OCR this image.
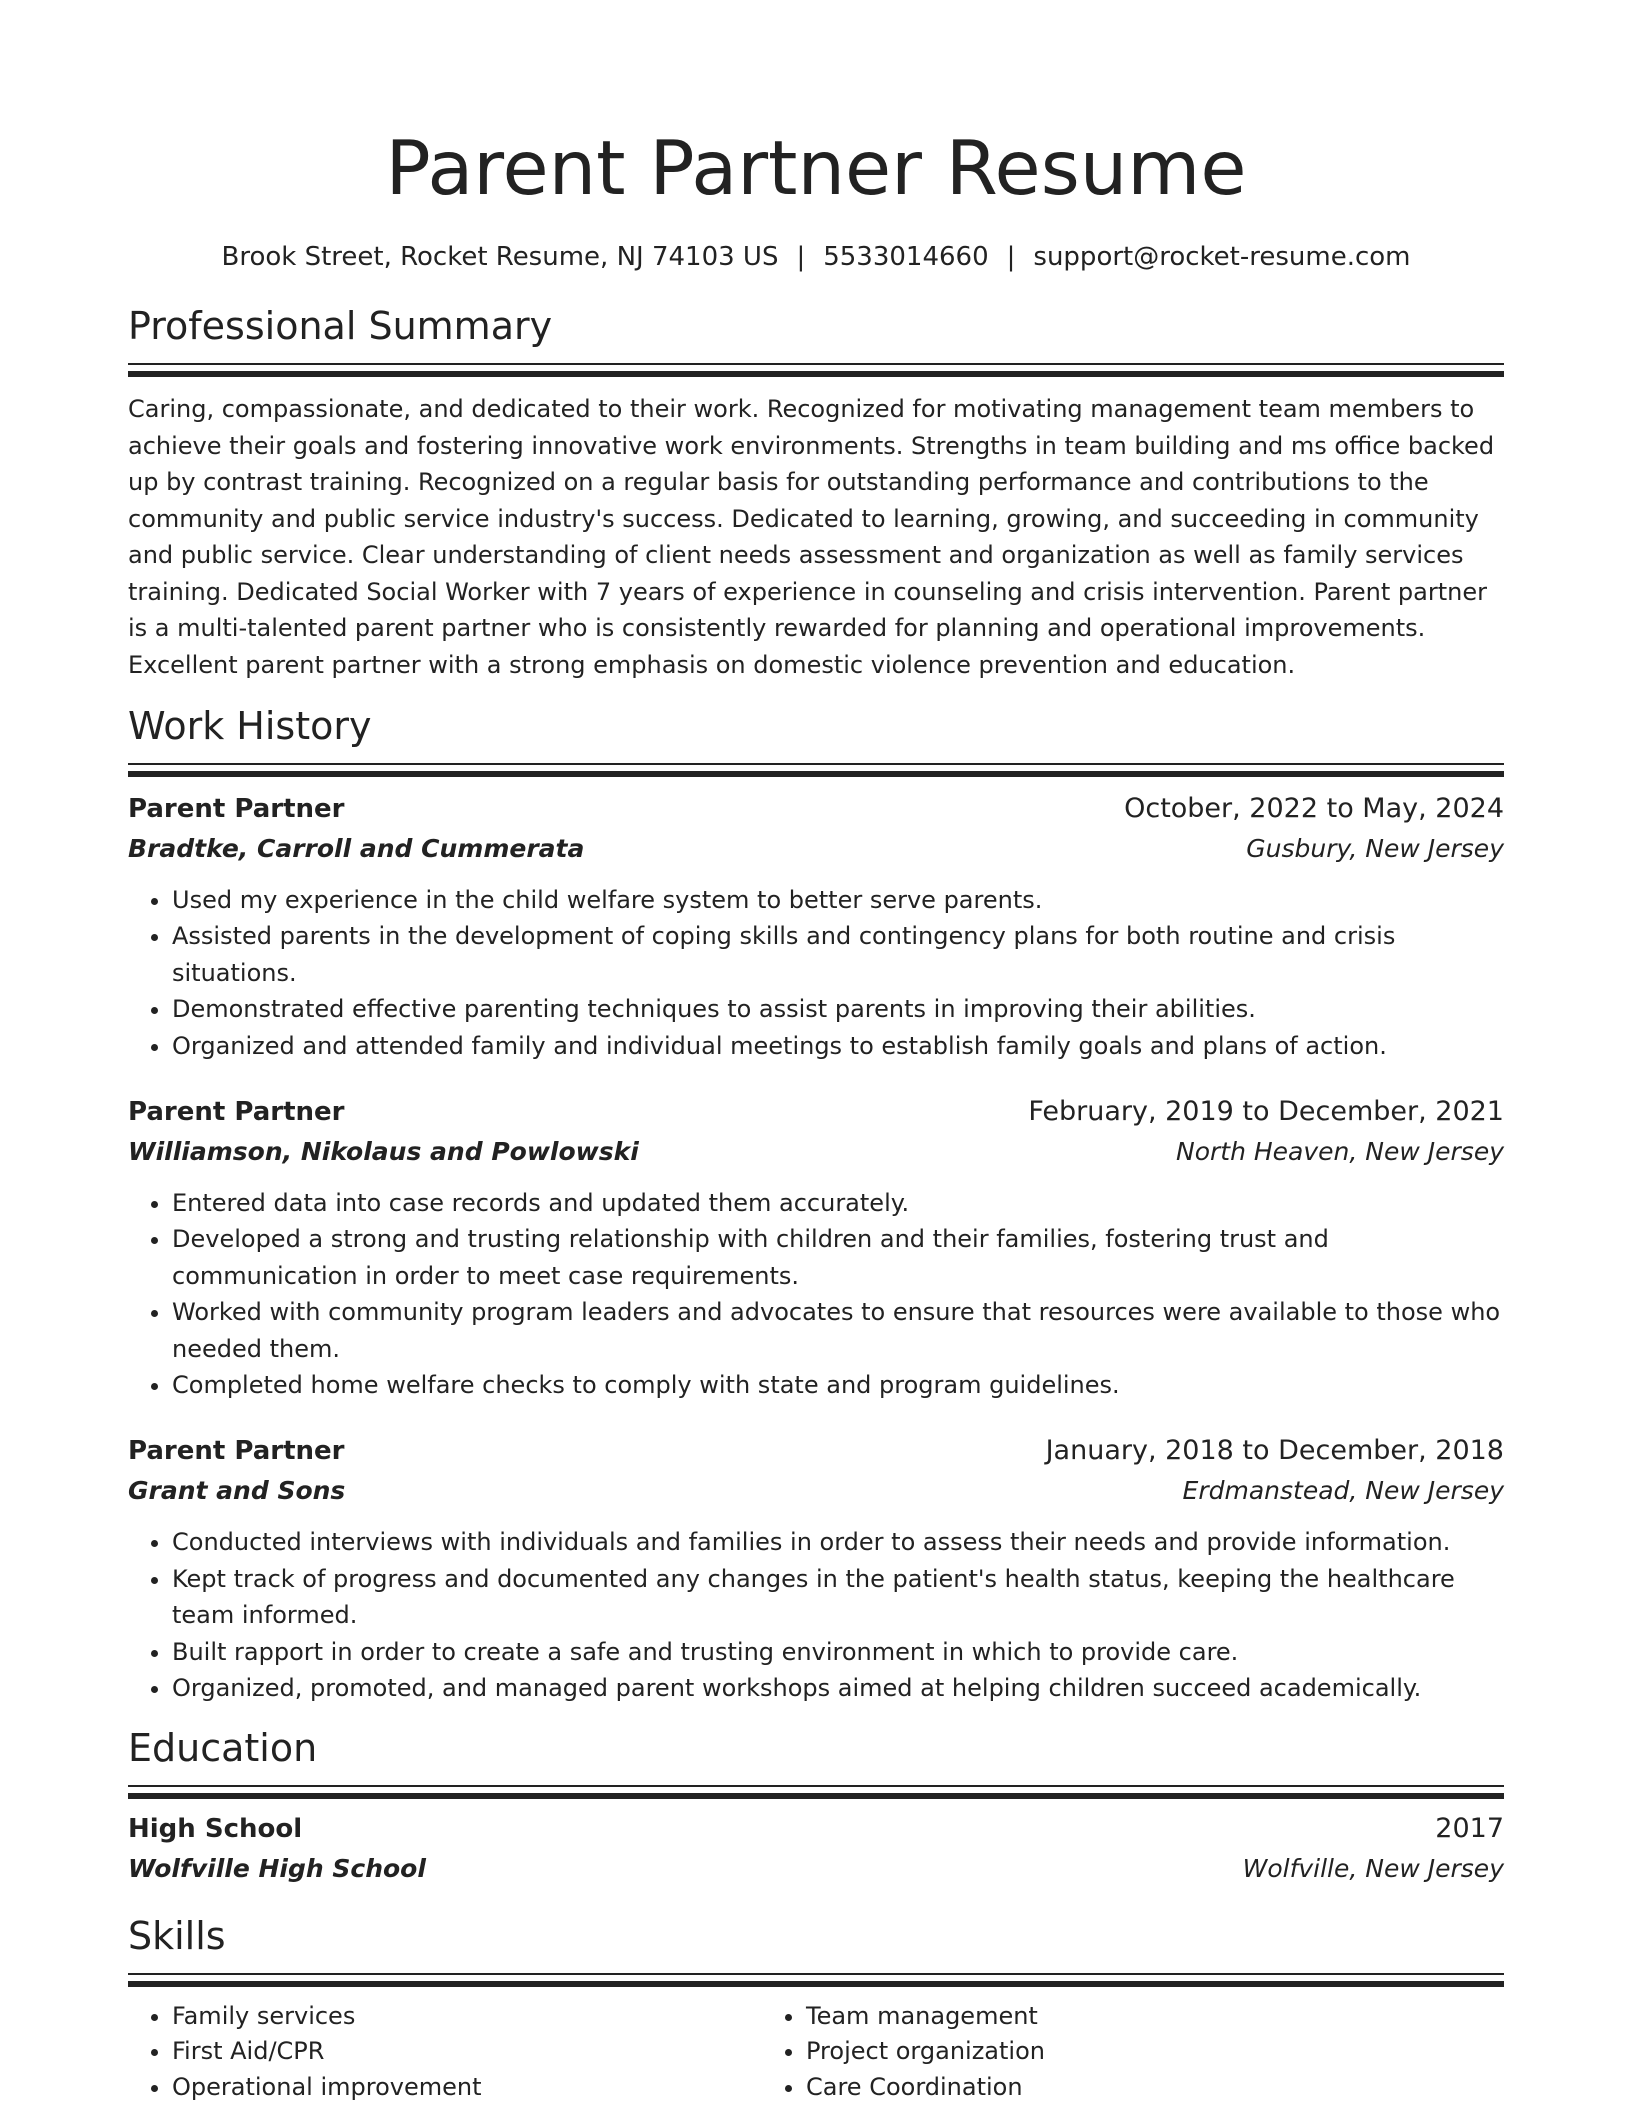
Parent Partner Resume
Brook Street, Rocket Resume, NJ 74103 US | 5533014660 | support@rocket-resume.com
Professional Summary

Caring, compassionate, and dedicated to their work. Recognized for motivating management team members to achieve their goals and fostering innovative work environments. Strengths in team building and ms office backed up by contrast training. Recognized on a regular basis for outstanding performance and contributions to the community and public service industry's success. Dedicated to learning, growing, and succeeding in community and public service. Clear understanding of client needs assessment and organization as well as family services training. Dedicated Social Worker with 7 years of experience in counseling and crisis intervention. Parent partner is a multi-talented parent partner who is consistently rewarded for planning and operational improvements. Excellent parent partner with a strong emphasis on domestic violence prevention and education.

Work History
Parent Partner	October, 2022 to May, 2024
Bradtke, Carroll and Cummerata	Gusbury, New Jersey
• Used my experience in the child welfare system to better serve parents.
• Assisted parents in the development of coping skills and contingency plans for both routine and crisis situations.
• Demonstrated effective parenting techniques to assist parents in improving their abilities.
• Organized and attended family and individual meetings to establish family goals and plans of action.
Parent Partner	February, 2019 to December, 2021
Williamson, Nikolaus and Powlowski	North Heaven, New Jersey
• Entered data into case records and updated them accurately.
• Developed a strong and trusting relationship with children and their families, fostering trust and communication in order to meet case requirements.
• Worked with community program leaders and advocates to ensure that resources were available to those who needed them.
• Completed home welfare checks to comply with state and program guidelines.
Parent Partner	January, 2018 to December, 2018
Grant and Sons	Erdmanstead, New Jersey
• Conducted interviews with individuals and families in order to assess their needs and provide information.
• Kept track of progress and documented any changes in the patient's health status, keeping the healthcare team informed.
• Built rapport in order to create a safe and trusting environment in which to provide care.
• Organized, promoted, and managed parent workshops aimed at helping children succeed academically.
Education
High School	2017
Wolfville High School	Wolfville, New Jersey
Skills
• Family services
• First Aid/CPR
• Operational improvement
• Team management
• Project organization
• Care Coordination
